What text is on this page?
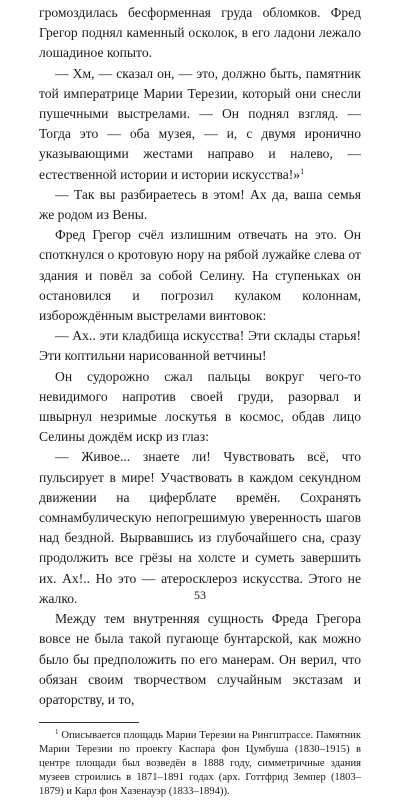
громоздилась бесформенная груда обломков. Фред Грегор поднял каменный осколок, в его ладони лежало лошадиное копыто.

— Хм, — сказал он, — это, должно быть, памятник той императрице Марии Терезии, который они снесли пушечными выстрелами. — Он поднял взгляд. — Тогда это — оба музея, — и, с двумя иронично указывающими жестами направо и налево, — естественной истории и истории искусства!»$^1$

— Так вы разбираетесь в этом! Ах да, ваша семья же родом из Вены.

Фред Грегор счёл излишним отвечать на это. Он споткнулся о кротовую нору на рябой лужайке слева от здания и повёл за собой Селину. На ступеньках он остановился и погрозил кулаком колоннам, изборождённым выстрелами винтовок:

— Ах.. эти кладбища искусства! Эти склады старья! Эти коптильни нарисованной ветчины!

Он судорожно сжал пальцы вокруг чего-то невидимого напротив своей груди, разорвал и швырнул незримые лоскутья в космос, обдав лицо Селины дождём искр из глаз:

— Живое... знаете ли! Чувствовать всё, что пульсирует в мире! Участвовать в каждом секундном движении на циферблате времён. Сохранять сомнамбулическую непогрешимую уверенность шагов над бездной. Вырвавшись из глубочайшего сна, сразу продолжить все грёзы на холсте и суметь завершить их. Ах!.. Но это — атеросклероз искусства. Этого не жалко.

Между тем внутренняя сущность Фреда Грегора вовсе не была такой пугающе бунтарской, как можно было бы предположить по его манерам. Он верил, что обязан своим творчеством случайным экстазам и ораторству, и то,

$^1$ Описывается площадь Марии Терезии на Рингштрассе. Памятник Марии Терезии по проекту Каспара фон Цумбуша (1830–1915) в центре площади был возведён в 1888 году, симметричные здания музеев строились в 1871–1891 годах (арх. Готтфрид Земпер (1803–1879) и Карл фон Хазенауэр (1833–1894)).

53
